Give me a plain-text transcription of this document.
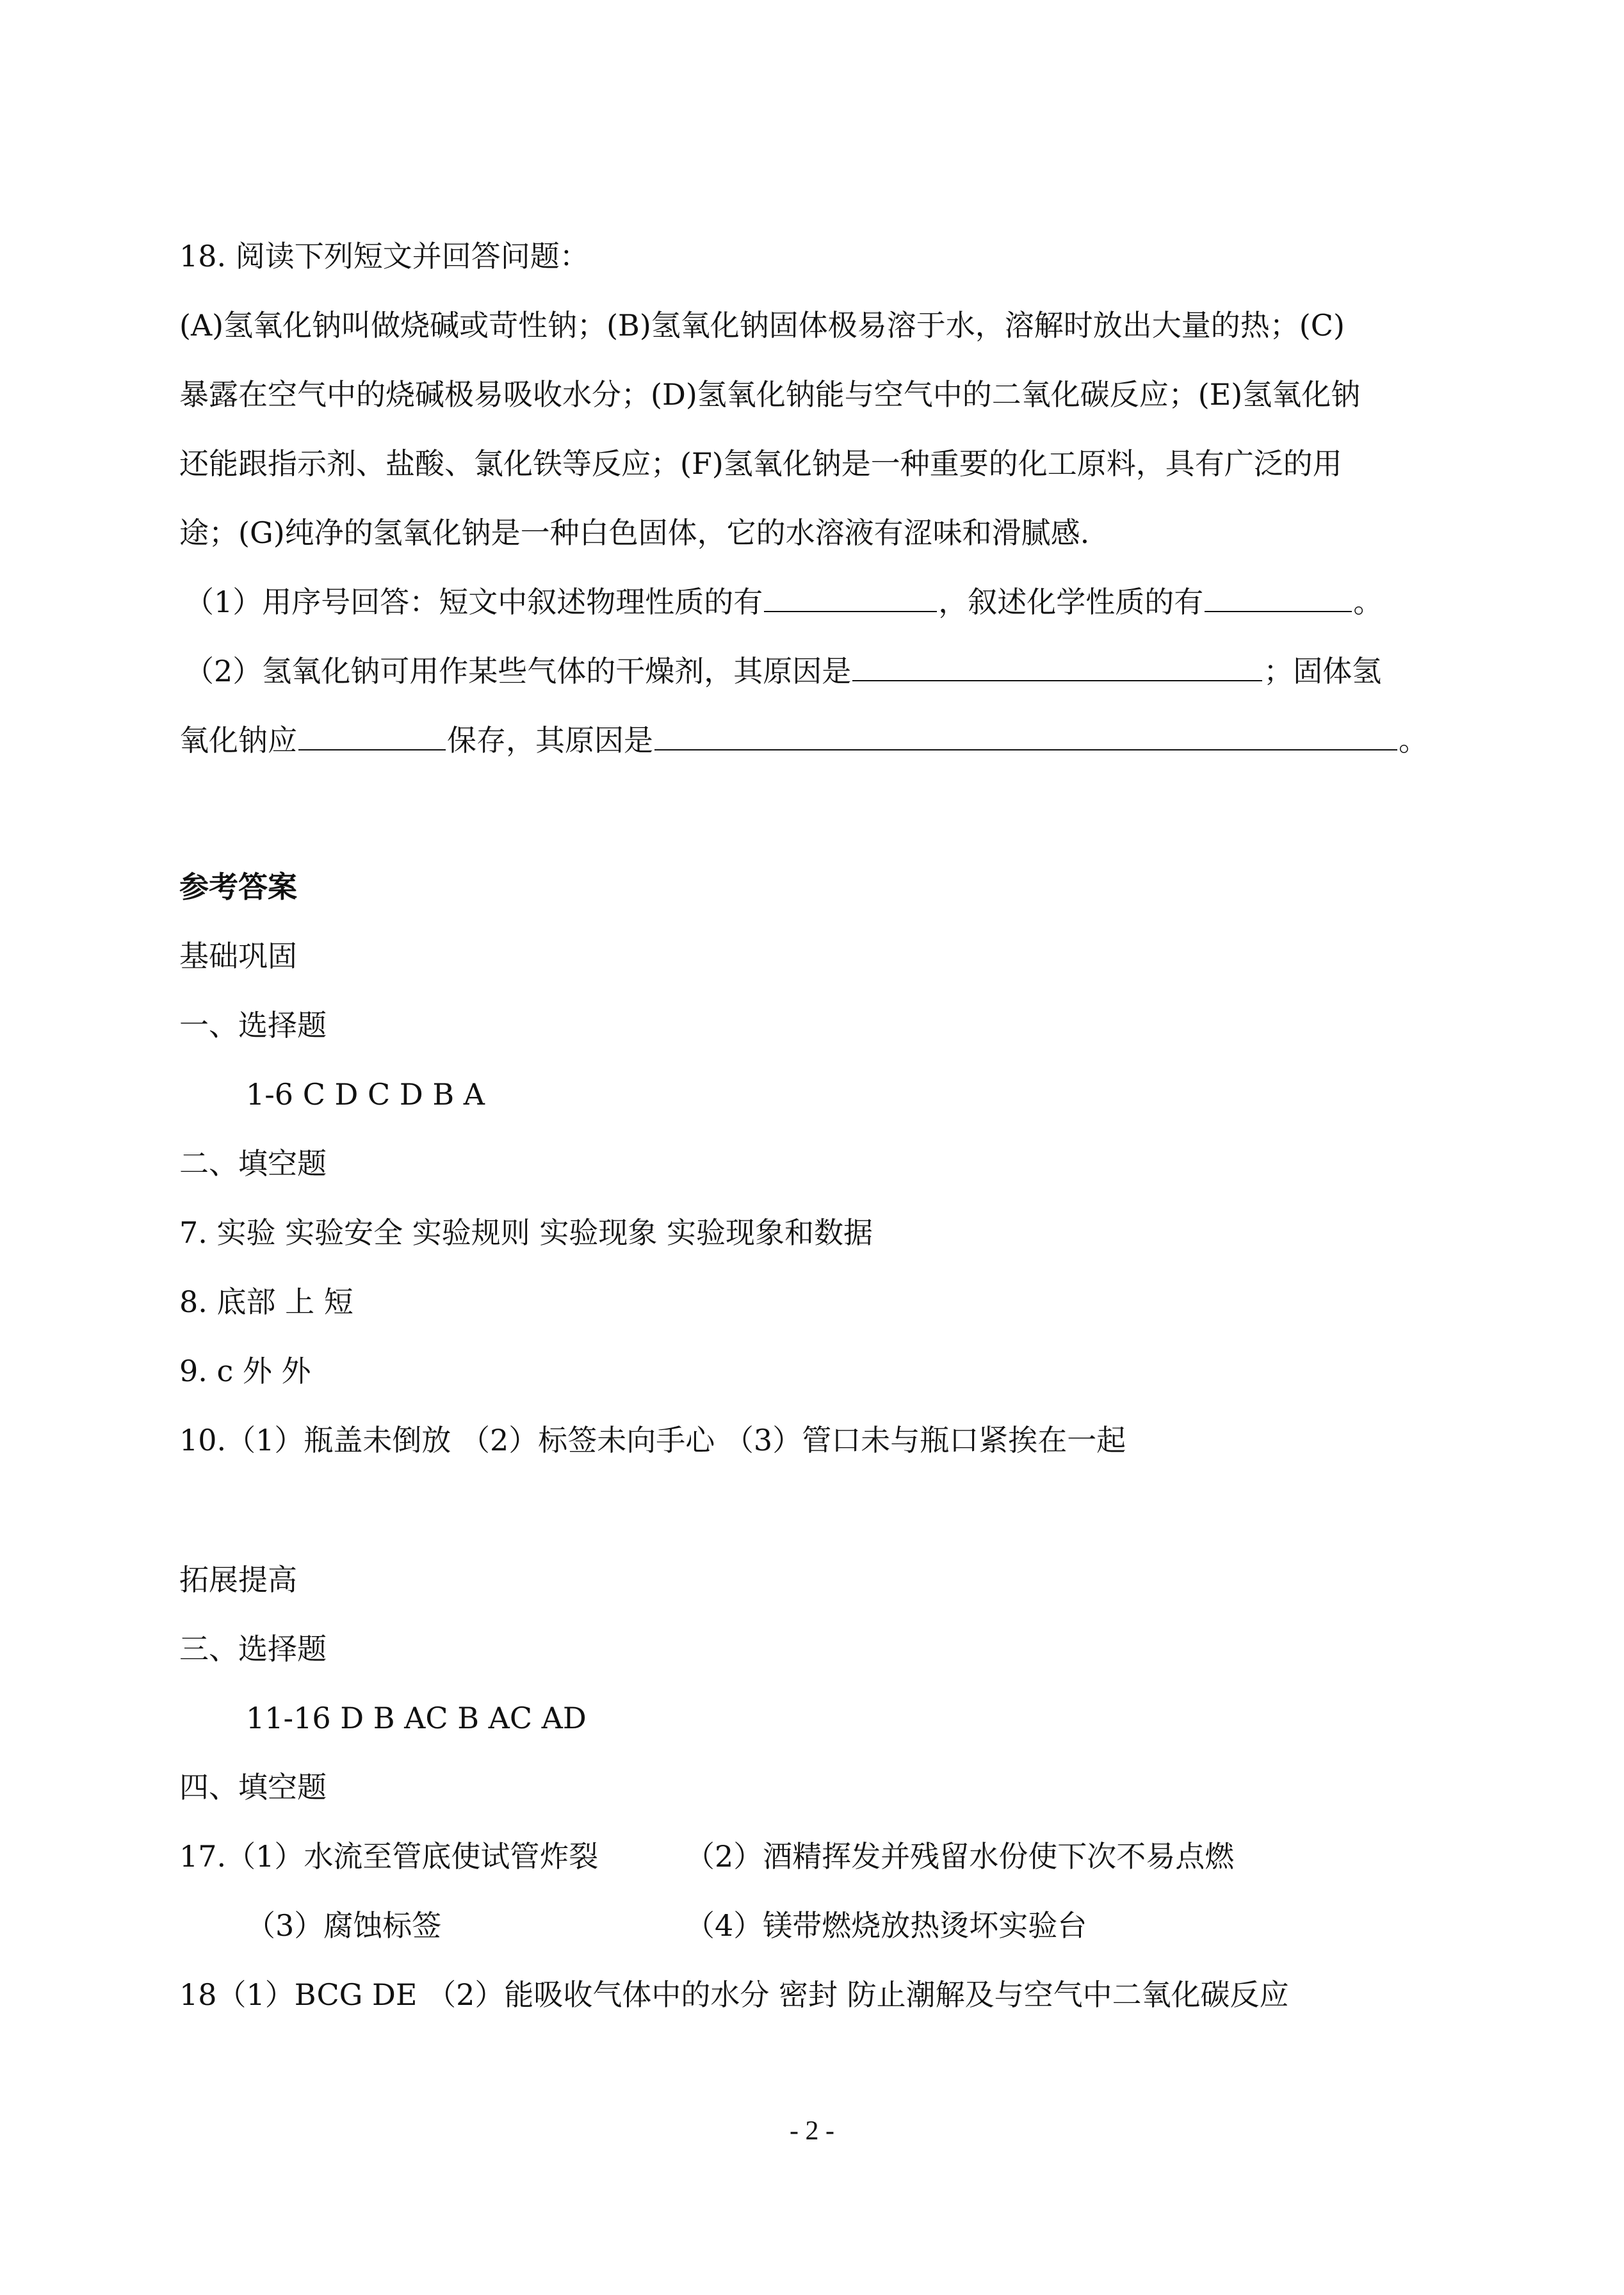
18. 阅读下列短文并回答问题：
(A)氢氧化钠叫做烧碱或苛性钠；(B)氢氧化钠固体极易溶于水，溶解时放出大量的热；(C)
暴露在空气中的烧碱极易吸收水分；(D)氢氧化钠能与空气中的二氧化碳反应；(E)氢氧化钠
还能跟指示剂、盐酸、氯化铁等反应；(F)氢氧化钠是一种重要的化工原料，具有广泛的用
途；(G)纯净的氢氧化钠是一种白色固体，它的水溶液有涩味和滑腻感.
（1）用序号回答：短文中叙述物理性质的有	，叙述化学性质的有	。
（2）氢氧化钠可用作某些气体的干燥剂，其原因是	；固体氢
氧化钠应	保存，其原因是	。
参考答案
基础巩固
一、选择题
1-6 C D C D B A
二、填空题
7. 实验 实验安全 实验规则 实验现象 实验现象和数据
8. 底部 上 短
9. c 外 外
10.（1）瓶盖未倒放 （2）标签未向手心 （3）管口未与瓶口紧挨在一起
拓展提高
三、选择题
11-16 D B AC B AC AD
四、填空题
17.（1）水流至管底使试管炸裂	（2）酒精挥发并残留水份使下次不易点燃
（3）腐蚀标签	（4）镁带燃烧放热烫坏实验台
18（1）BCG DE （2）能吸收气体中的水分 密封 防止潮解及与空气中二氧化碳反应
- 2 -
